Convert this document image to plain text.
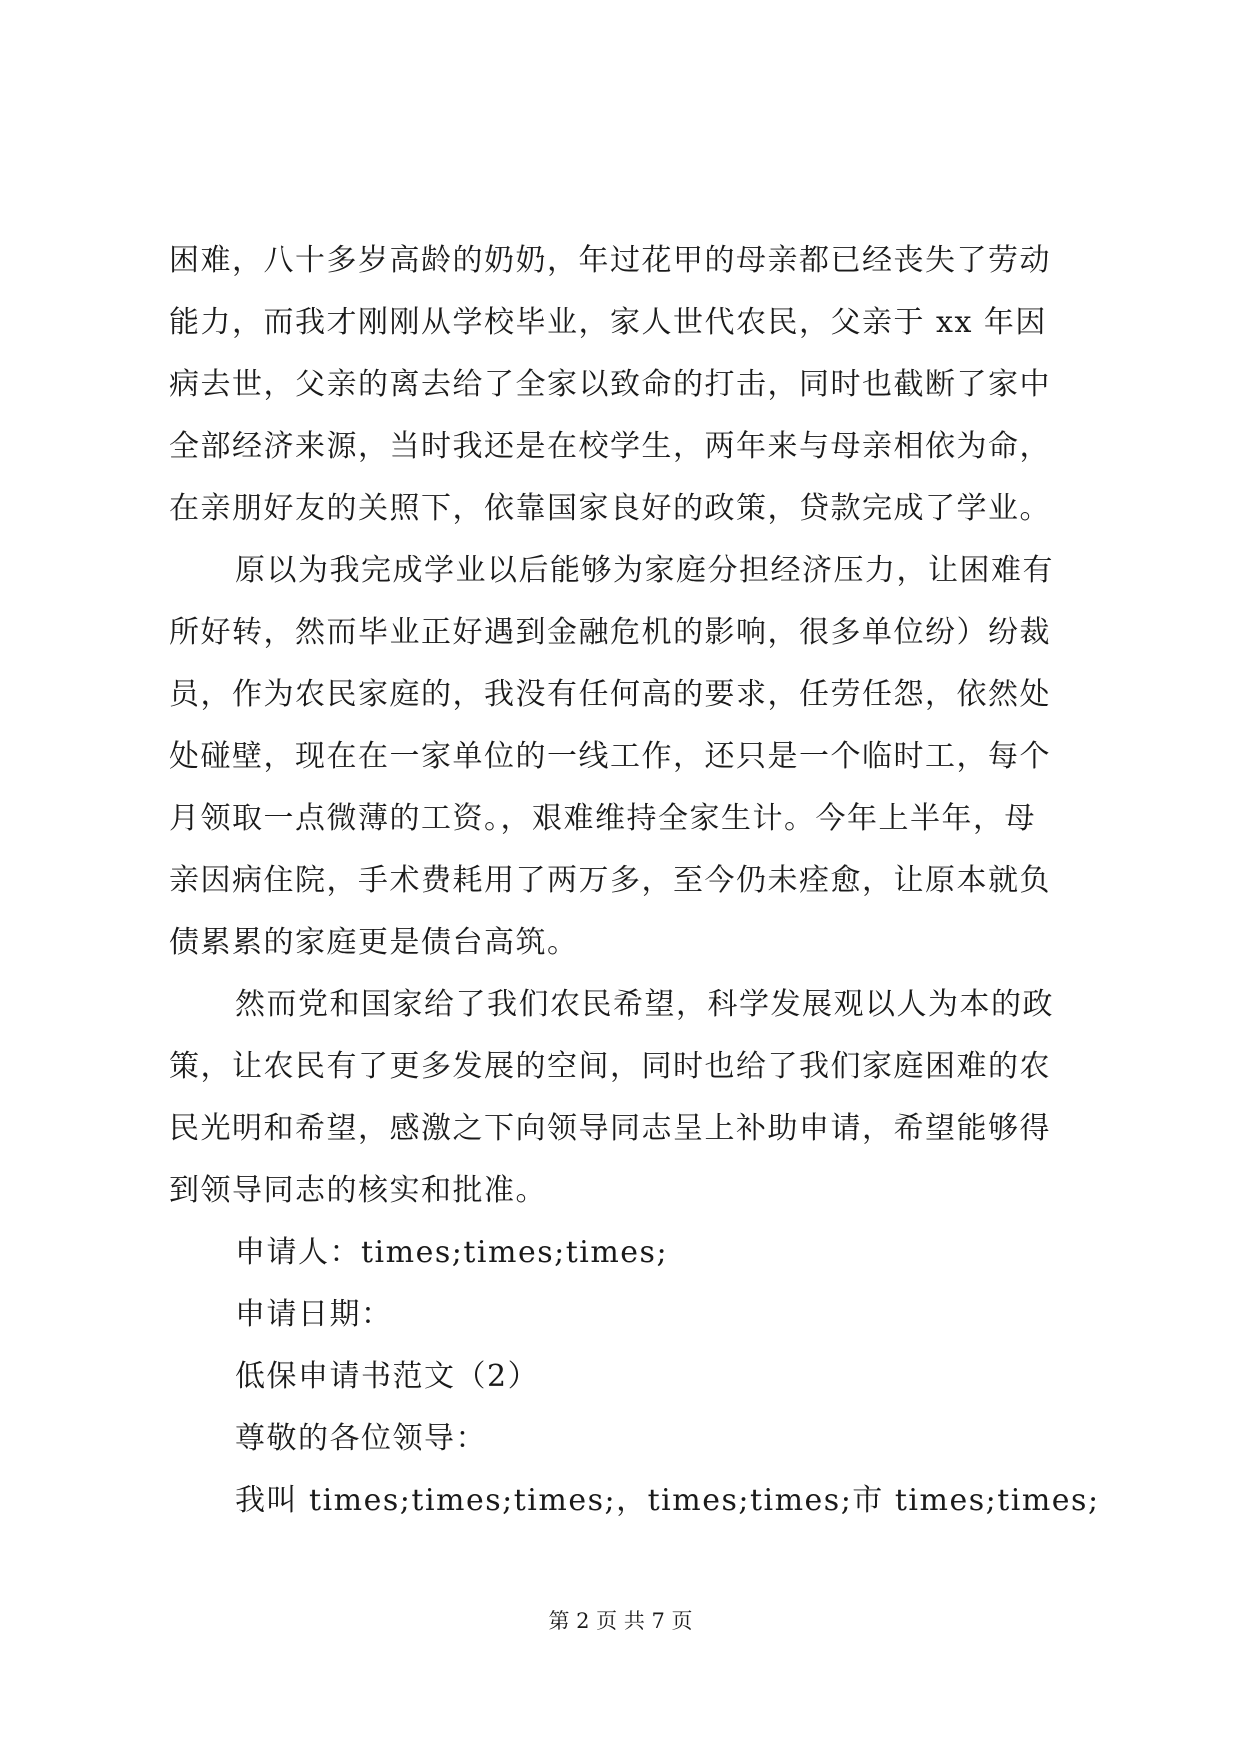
困难，八十多岁高龄的奶奶，年过花甲的母亲都已经丧失了劳动
能力，而我才刚刚从学校毕业，家人世代农民，父亲于 xx 年因
病去世，父亲的离去给了全家以致命的打击，同时也截断了家中
全部经济来源，当时我还是在校学生，两年来与母亲相依为命，
在亲朋好友的关照下，依靠国家良好的政策，贷款完成了学业。
原以为我完成学业以后能够为家庭分担经济压力，让困难有
所好转，然而毕业正好遇到金融危机的影响，很多单位纷）纷裁
员，作为农民家庭的，我没有任何高的要求，任劳任怨，依然处
处碰壁，现在在一家单位的一线工作，还只是一个临时工，每个
月领取一点微薄的工资。，艰难维持全家生计。今年上半年，母
亲因病住院，手术费耗用了两万多，至今仍未痊愈，让原本就负
债累累的家庭更是债台高筑。
然而党和国家给了我们农民希望，科学发展观以人为本的政
策，让农民有了更多发展的空间，同时也给了我们家庭困难的农
民光明和希望，感激之下向领导同志呈上补助申请，希望能够得
到领导同志的核实和批准。
申请人：times;times;times;
申请日期：
低保申请书范文（2）
尊敬的各位领导：
我叫 times;times;times;，times;times;市 times;times;
第 2 页 共 7 页
